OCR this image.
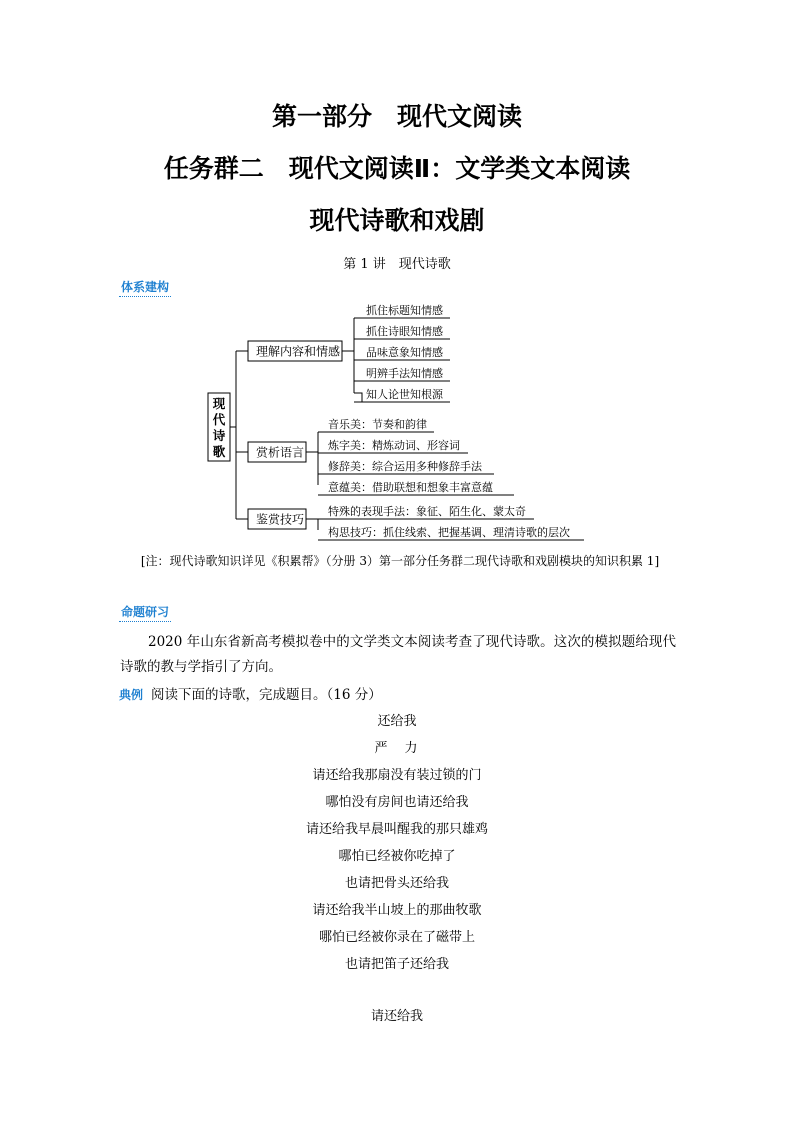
第一部分　现代文阅读
任务群二　现代文阅读Ⅱ：文学类文本阅读
现代诗歌和戏剧
第 1 讲　现代诗歌
体系建构
现
代
诗
歌
理解内容和情感
赏析语言
鉴赏技巧
抓住标题知情感
抓住诗眼知情感
品味意象知情感
明辨手法知情感
知人论世知根源
音乐美：节奏和韵律
炼字美：精炼动词、形容词
修辞美：综合运用多种修辞手法
意蕴美：借助联想和想象丰富意蕴
特殊的表现手法：象征、陌生化、蒙太奇
构思技巧：抓住线索、把握基调、理清诗歌的层次
[注：现代诗歌知识详见《积累帮》（分册 3）第一部分任务群二现代诗歌和戏剧模块的知识积累 1]
命题研习
2020 年山东省新高考模拟卷中的文学类文本阅读考查了现代诗歌。这次的模拟题给现代诗歌的教与学指引了方向。
典例 阅读下面的诗歌，完成题目。（16 分）
还给我
严　力
请还给我那扇没有装过锁的门
哪怕没有房间也请还给我
请还给我早晨叫醒我的那只雄鸡
哪怕已经被你吃掉了
也请把骨头还给我
请还给我半山坡上的那曲牧歌
哪怕已经被你录在了磁带上
也请把笛子还给我
请还给我
